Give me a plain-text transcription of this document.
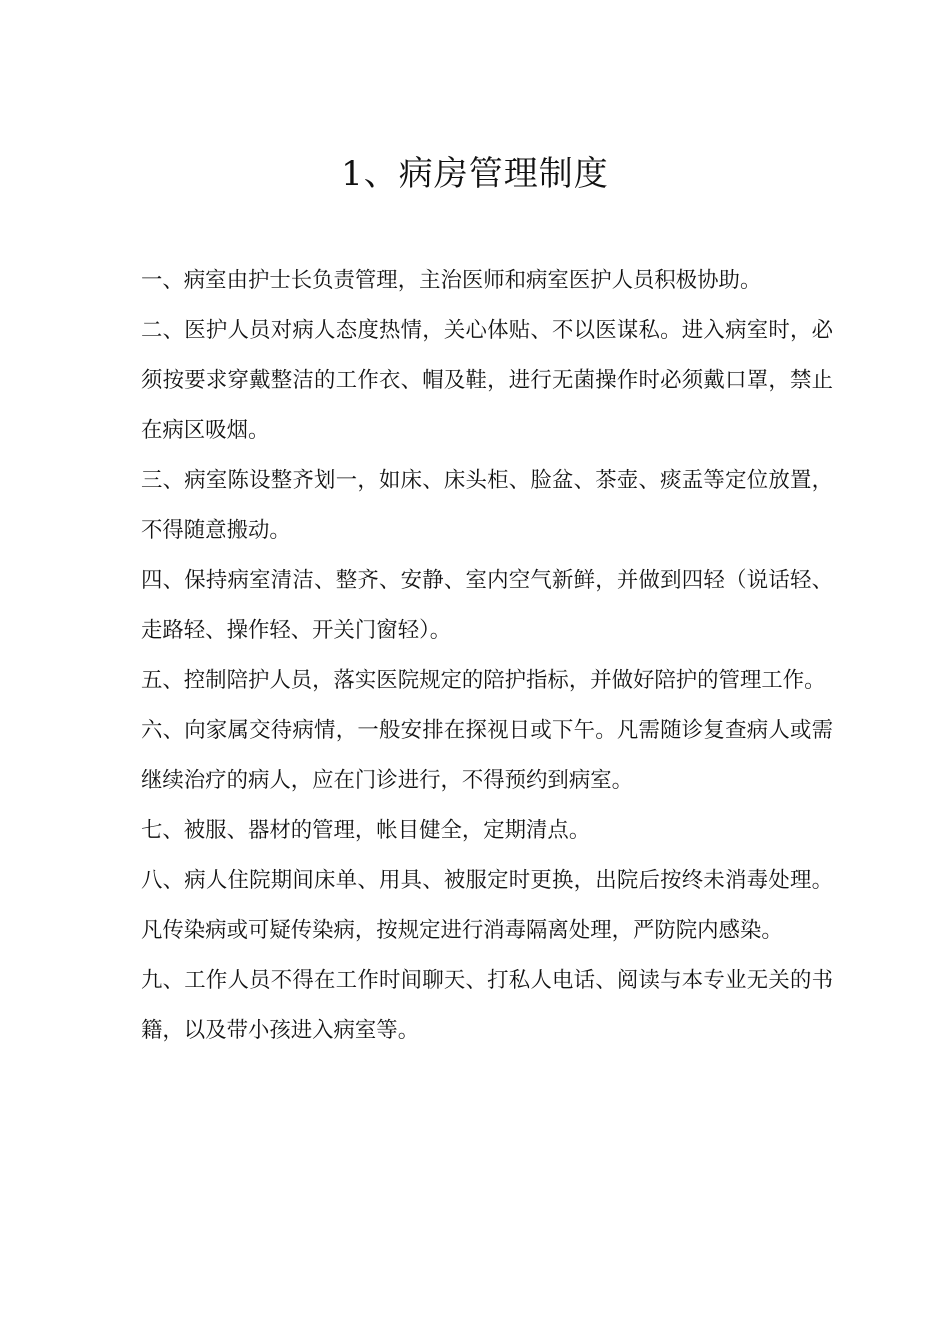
1、病房管理制度
一、病室由护士长负责管理，主治医师和病室医护人员积极协助。
二、医护人员对病人态度热情，关心体贴、不以医谋私。进入病室时，必须按要求穿戴整洁的工作衣、帽及鞋，进行无菌操作时必须戴口罩，禁止在病区吸烟。
三、病室陈设整齐划一，如床、床头柜、脸盆、茶壶、痰盂等定位放置，不得随意搬动。
四、保持病室清洁、整齐、安静、室内空气新鲜，并做到四轻（说话轻、走路轻、操作轻、开关门窗轻）。
五、控制陪护人员，落实医院规定的陪护指标，并做好陪护的管理工作。
六、向家属交待病情，一般安排在探视日或下午。凡需随诊复查病人或需继续治疗的病人，应在门诊进行，不得预约到病室。
七、被服、器材的管理，帐目健全，定期清点。
八、病人住院期间床单、用具、被服定时更换，出院后按终未消毒处理。凡传染病或可疑传染病，按规定进行消毒隔离处理，严防院内感染。
九、工作人员不得在工作时间聊天、打私人电话、阅读与本专业无关的书籍，以及带小孩进入病室等。
